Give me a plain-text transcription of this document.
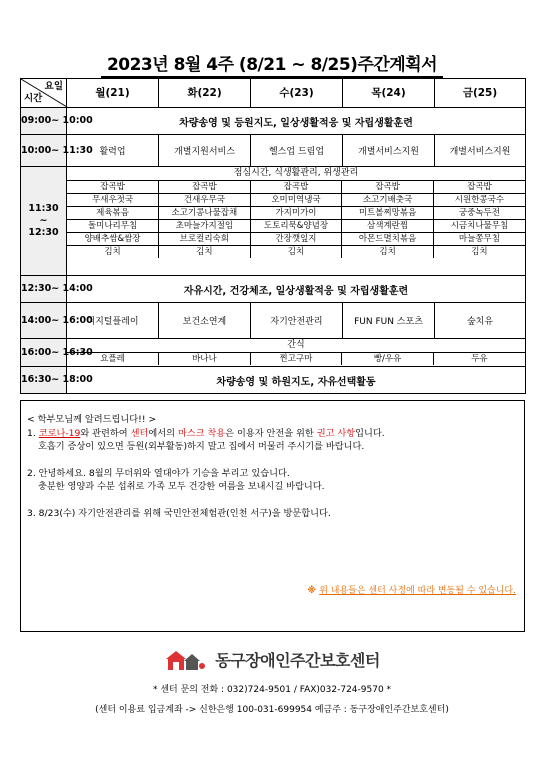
2023년 8월 4주 (8/21 ~ 8/25)주간계획서
요일
시간	월(21)	화(22)	수(23)	목(24)	금(25)
09:00~ 10:00	차량송영 및 등원지도, 일상생활적응 및 자립생활훈련
10:00~ 11:30	활력업	개별지원서비스	헬스업 드림업	개별서비스지원	개별서비스지원

11:30
~
12:30

점심시간, 식생활관리, 위생관리
잡곡밥	잡곡밥	잡곡밥	잡곡밥	잡곡밥
무새우젓국	건새우무국	오미미역냉국	소고기배춧국	시원한콩국수
제육볶음	소고기콩나물잡채	가지미가이	미트볼찌망볶음	궁중녹두전
돌미나리무침	초마늘가지절임	도토리묵&양념장	삼색계란찜	시금치나물무침
양배추쌈&쌈장	브로컬리숙회	간장깻잎지	아몬드멸치볶음	마늘쫑무침
김치	김치	김치	김치	김치

12:30~ 14:00	자유시간, 건강체조, 일상생활적응 및 자립생활훈련
14:00~ 16:00	디지털플레이	보건소연계	자기안전관리	FUN FUN 스포츠	숲치유
16:00~ 16:30	
간식
요플레	바나나	찐고구마	빵/우유	두유

16:30~ 18:00	차량송영 및 하원지도, 자유선택활동
< 학부모님께 알려드립니다!! >
1. 코로나-19와 관련하여 센터에서의 마스크 착용은 이용자 안전을 위한 권고 사항입니다.
호흡기 증상이 있으면 등원(외부활동)하지 말고 집에서 머물러 주시기를 바랍니다.
2. 안녕하세요. 8월의 무더위와 열대야가 기승을 부리고 있습니다.
충분한 영양과 수분 섭취로 가족 모두 건강한 여름을 보내시길 바랍니다.
3. 8/23(수) 자기안전관리를 위해 국민안전체험관(인천 서구)을 방문합니다.
※ 위 내용들은 센터 사정에 따라 변동될 수 있습니다.
동구장애인주간보호센터
* 센터 문의 전화 : 032)724-9501 / FAX)032-724-9570 *
(센터 이용료 입금계좌 -> 신한은행 100-031-699954 예금주 : 동구장애인주간보호센터)
